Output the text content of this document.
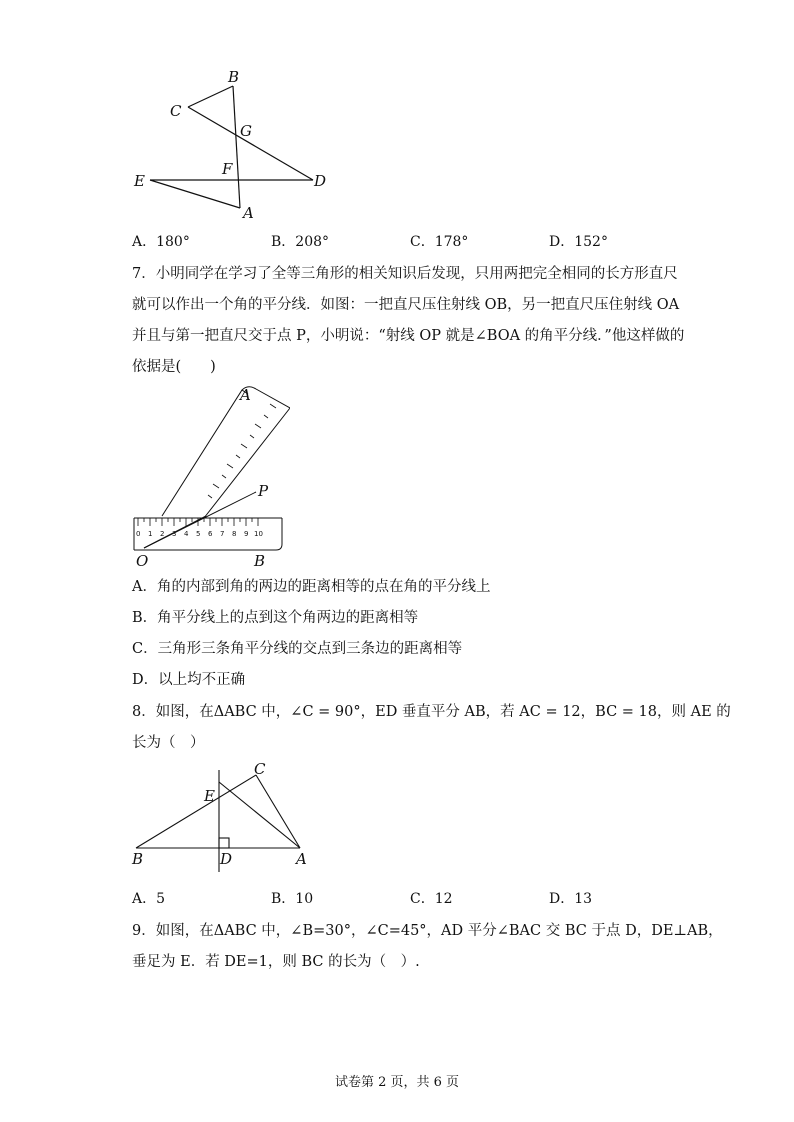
B
C
G
F
E	D
A
A．180°	B．208°	C．178°	D．152°
7．小明同学在学习了全等三角形的相关知识后发现，只用两把完全相同的长方形直尺
就可以作出一个角的平分线．如图：一把直尺压住射线 OB，另一把直尺压住射线 OA
并且与第一把直尺交于点 P，小明说：“射线 OP 就是∠BOA 的角平分线．”他这样做的
依据是(　　)
0 1 2 3 4 5 6 7 8 9 10
A
P
O	B
A．角的内部到角的两边的距离相等的点在角的平分线上
B．角平分线上的点到这个角两边的距离相等
C．三角形三条角平分线的交点到三条边的距离相等
D．以上均不正确
8．如图，在ΔABC 中，∠C = 90°，ED 垂直平分 AB，若 AC = 12，BC = 18，则 AE 的
长为（　）
C
E
B	D	A
A．5	B．10	C．12	D．13
9．如图，在ΔABC 中，∠B=30°，∠C=45°，AD 平分∠BAC 交 BC 于点 D，DE⊥AB，
垂足为 E．若 DE=1，则 BC 的长为（　）.
试卷第 2 页，共 6 页
